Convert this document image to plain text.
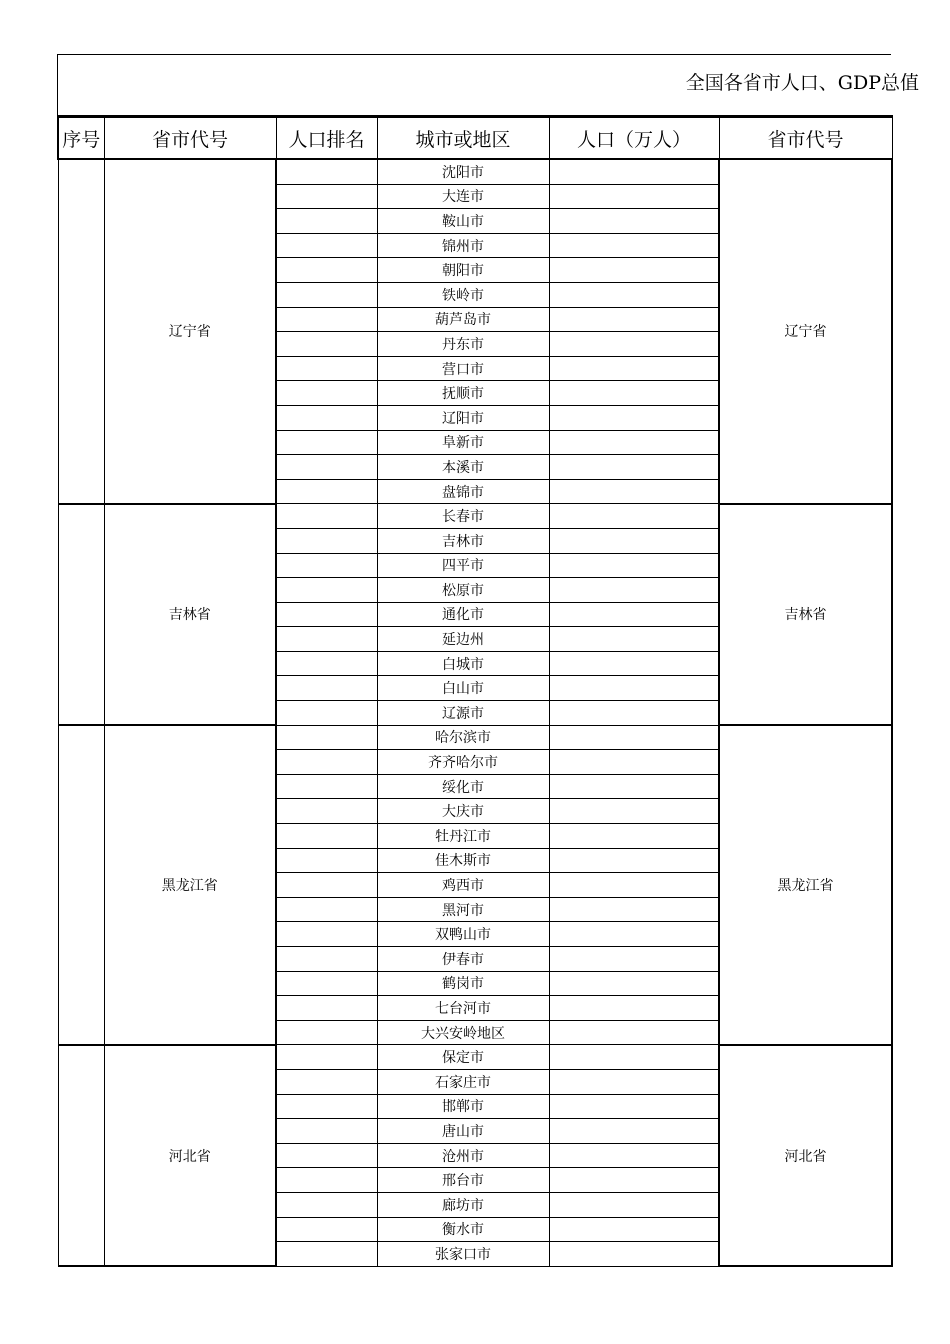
全国各省市人口、GDP总值
序号	省市代号	人口排名	城市或地区	人口（万人）	省市代号
	辽宁省		沈阳市		辽宁省
			大连市		
			鞍山市		
			锦州市		
			朝阳市		
			铁岭市		
			葫芦岛市		
			丹东市		
			营口市		
			抚顺市		
			辽阳市		
			阜新市		
			本溪市		
			盘锦市		
	吉林省		长春市		吉林省
			吉林市		
			四平市		
			松原市		
			通化市		
			延边州		
			白城市		
			白山市		
			辽源市		
	黑龙江省		哈尔滨市		黑龙江省
			齐齐哈尔市		
			绥化市		
			大庆市		
			牡丹江市		
			佳木斯市		
			鸡西市		
			黑河市		
			双鸭山市		
			伊春市		
			鹤岗市		
			七台河市		
			大兴安岭地区		
	河北省		保定市		河北省
			石家庄市		
			邯郸市		
			唐山市		
			沧州市		
			邢台市		
			廊坊市		
			衡水市		
			张家口市		
